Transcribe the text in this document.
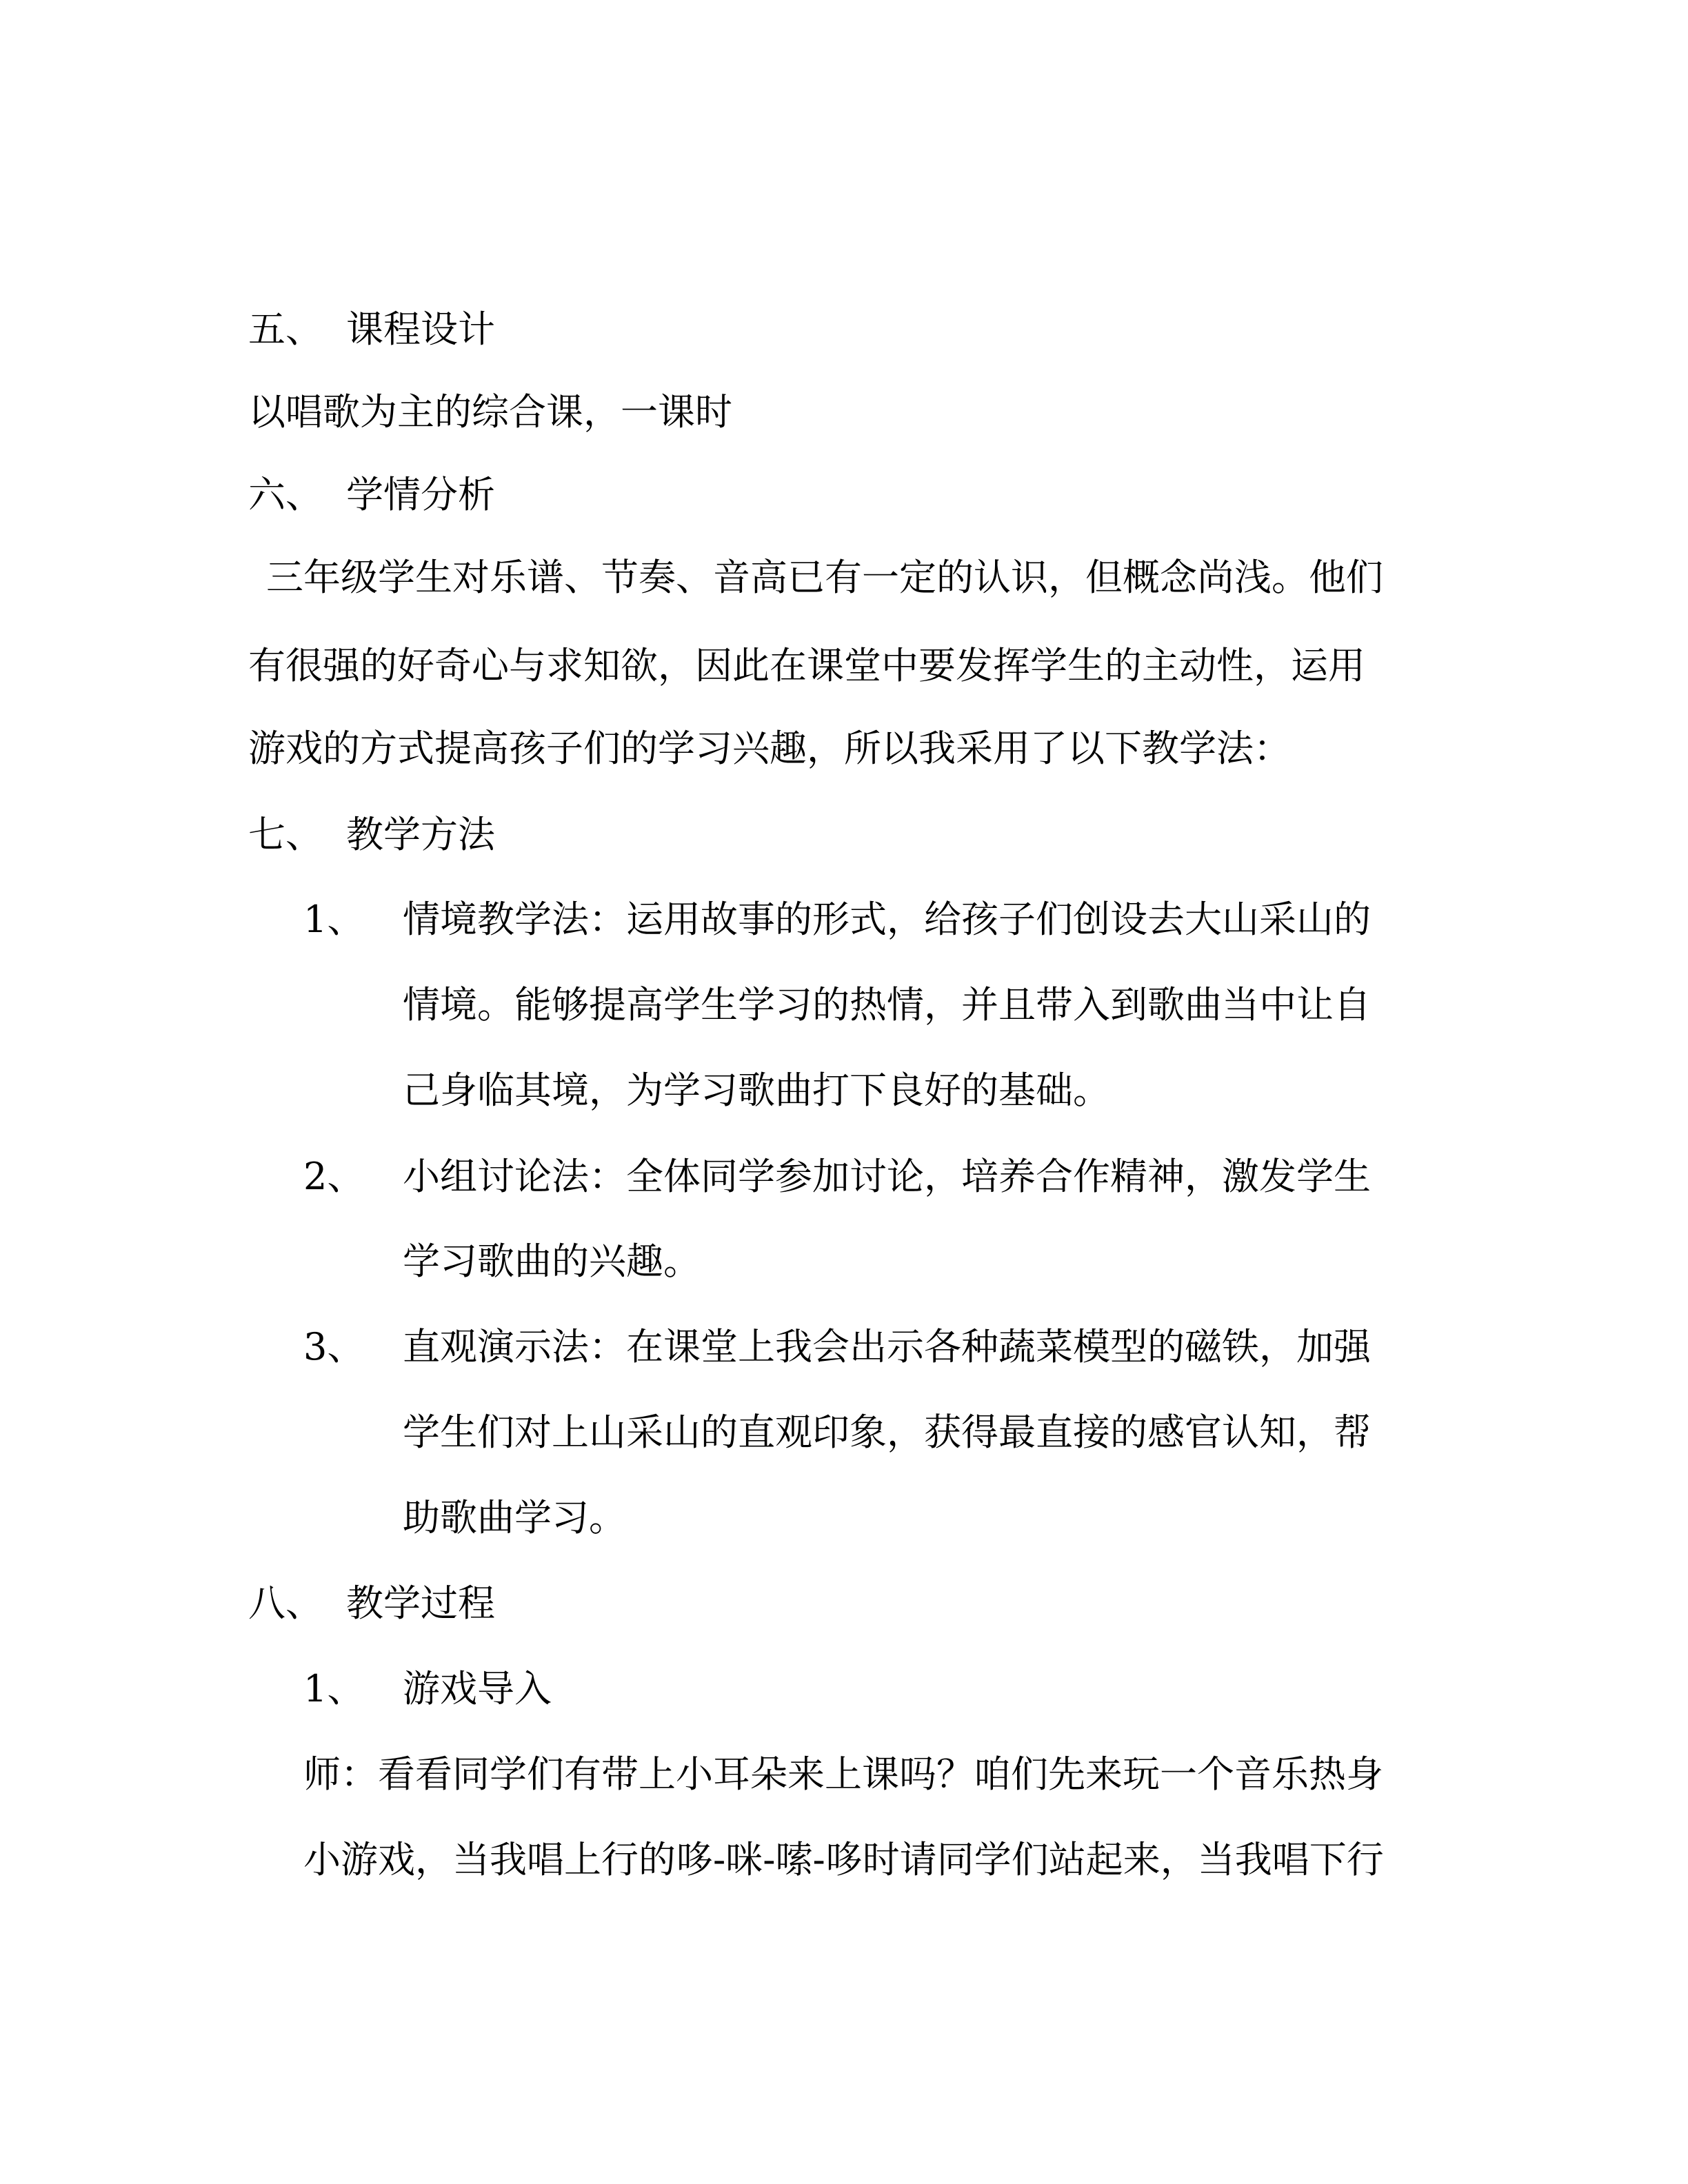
五、 课程设计
以唱歌为主的综合课，一课时
六、 学情分析
三年级学生对乐谱、节奏、音高已有一定的认识，但概念尚浅。他们
有很强的好奇心与求知欲，因此在课堂中要发挥学生的主动性，运用
游戏的方式提高孩子们的学习兴趣，所以我采用了以下教学法：
七、 教学方法
1、 情境教学法：运用故事的形式，给孩子们创设去大山采山的
情境。能够提高学生学习的热情，并且带入到歌曲当中让自
己身临其境，为学习歌曲打下良好的基础。
2、 小组讨论法：全体同学参加讨论，培养合作精神，激发学生
学习歌曲的兴趣。
3、 直观演示法：在课堂上我会出示各种蔬菜模型的磁铁，加强
学生们对上山采山的直观印象，获得最直接的感官认知，帮
助歌曲学习。
八、 教学过程
1、 游戏导入
师：看看同学们有带上小耳朵来上课吗？咱们先来玩一个音乐热身
小游戏，当我唱上行的哆-咪-嗦-哆时请同学们站起来，当我唱下行
